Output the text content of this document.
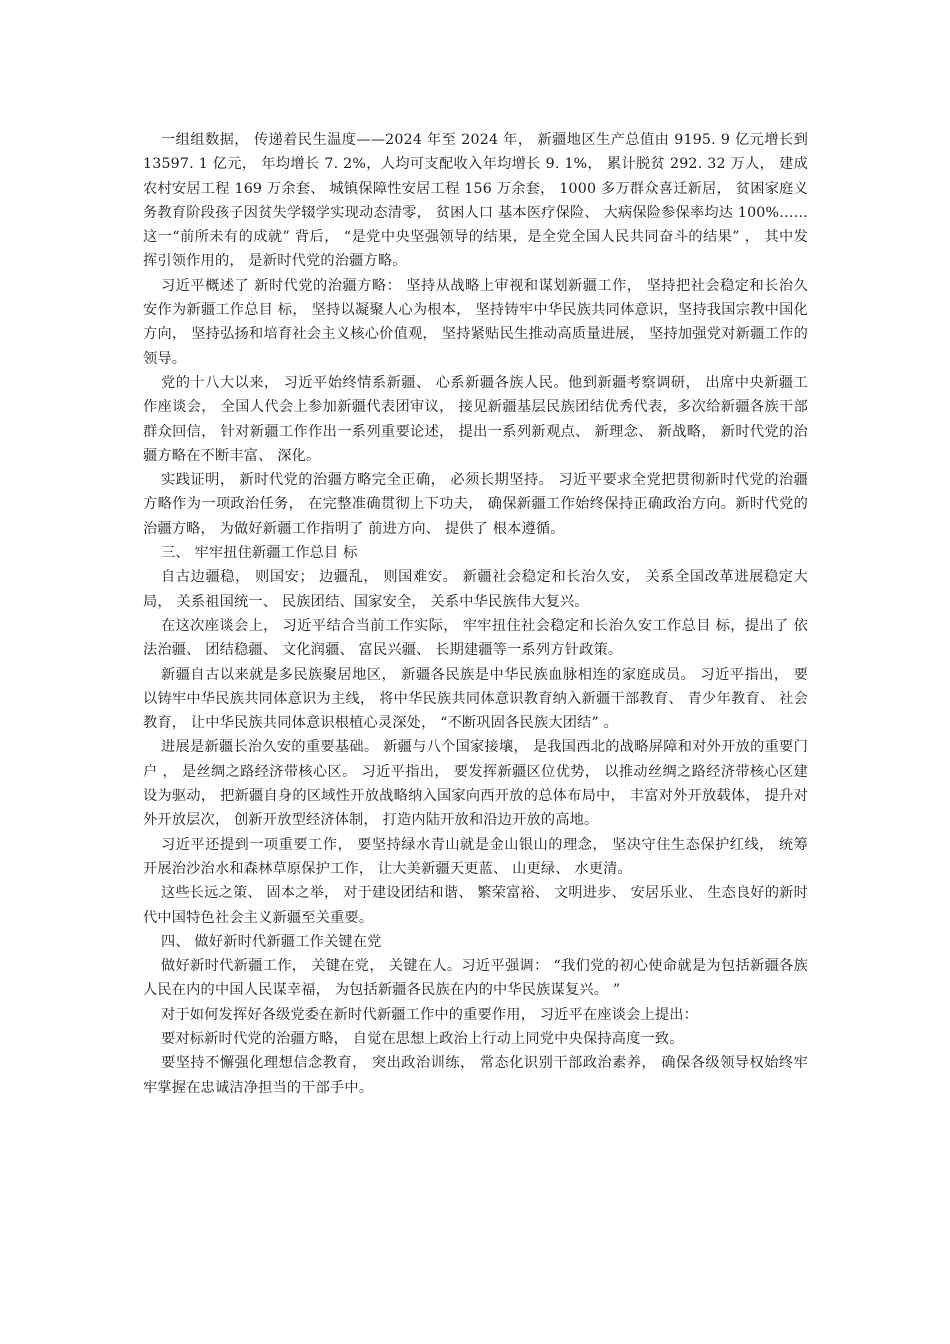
一组组数据， 传递着民生温度——2024 年至 2024 年， 新疆地区生产总值由 9195. 9 亿元增长到 13597. 1 亿元， 年均增长 7. 2%，人均可支配收入年均增长 9. 1%， 累计脱贫 292. 32 万人， 建成农村安居工程 169 万余套、 城镇保障性安居工程 156 万余套， 1000 多万群众喜迁新居， 贫困家庭义务教育阶段孩子因贫失学辍学实现动态清零， 贫困人口 基本医疗保险、 大病保险参保率均达 100%……这一“前所未有的成就” 背后， “是党中央坚强领导的结果，是全党全国人民共同奋斗的结果” ， 其中发挥引领作用的， 是新时代党的治疆方略。

习近平概述了 新时代党的治疆方略： 坚持从战略上审视和谋划新疆工作， 坚持把社会稳定和长治久安作为新疆工作总目 标， 坚持以凝聚人心为根本， 坚持铸牢中华民族共同体意识，坚持我国宗教中国化方向， 坚持弘扬和培育社会主义核心价值观， 坚持紧贴民生推动高质量进展， 坚持加强党对新疆工作的领导。

党的十八大以来， 习近平始终情系新疆、 心系新疆各族人民。他到新疆考察调研， 出席中央新疆工作座谈会， 全国人代会上参加新疆代表团审议， 接见新疆基层民族团结优秀代表，多次给新疆各族干部群众回信， 针对新疆工作作出一系列重要论述， 提出一系列新观点、 新理念、 新战略， 新时代党的治疆方略在不断丰富、 深化。

实践证明， 新时代党的治疆方略完全正确， 必须长期坚持。 习近平要求全党把贯彻新时代党的治疆方略作为一项政治任务， 在完整准确贯彻上下功夫， 确保新疆工作始终保持正确政治方向。新时代党的治疆方略， 为做好新疆工作指明了 前进方向、 提供了 根本遵循。

三、 牢牢扭住新疆工作总目 标

自古边疆稳， 则国安； 边疆乱， 则国难安。 新疆社会稳定和长治久安， 关系全国改革进展稳定大局， 关系祖国统一、 民族团结、国家安全， 关系中华民族伟大复兴。

在这次座谈会上， 习近平结合当前工作实际， 牢牢扭住社会稳定和长治久安工作总目 标，提出了 依法治疆、 团结稳疆、 文化润疆、 富民兴疆、 长期建疆等一系列方针政策。

新疆自古以来就是多民族聚居地区， 新疆各民族是中华民族血脉相连的家庭成员。 习近平指出， 要以铸牢中华民族共同体意识为主线， 将中华民族共同体意识教育纳入新疆干部教育、 青少年教育、 社会教育， 让中华民族共同体意识根植心灵深处， “不断巩固各民族大团结” 。

进展是新疆长治久安的重要基础。 新疆与八个国家接壤， 是我国西北的战略屏障和对外开放的重要门户 ， 是丝绸之路经济带核心区。 习近平指出， 要发挥新疆区位优势， 以推动丝绸之路经济带核心区建设为驱动， 把新疆自身的区域性开放战略纳入国家向西开放的总体布局中， 丰富对外开放载体， 提升对外开放层次， 创新开放型经济体制， 打造内陆开放和沿边开放的高地。

习近平还提到一项重要工作， 要坚持绿水青山就是金山银山的理念， 坚决守住生态保护红线， 统筹开展治沙治水和森林草原保护工作， 让大美新疆天更蓝、 山更绿、 水更清。

这些长远之策、 固本之举， 对于建设团结和谐、 繁荣富裕、 文明进步、 安居乐业、 生态良好的新时代中国特色社会主义新疆至关重要。

四、 做好新时代新疆工作关键在党

做好新时代新疆工作， 关键在党， 关键在人。习近平强调： “我们党的初心使命就是为包括新疆各族人民在内的中国人民谋幸福， 为包括新疆各民族在内的中华民族谋复兴。 ”

对于如何发挥好各级党委在新时代新疆工作中的重要作用， 习近平在座谈会上提出：

要对标新时代党的治疆方略， 自觉在思想上政治上行动上同党中央保持高度一致。

要坚持不懈强化理想信念教育， 突出政治训练， 常态化识别干部政治素养， 确保各级领导权始终牢牢掌握在忠诚洁净担当的干部手中。
